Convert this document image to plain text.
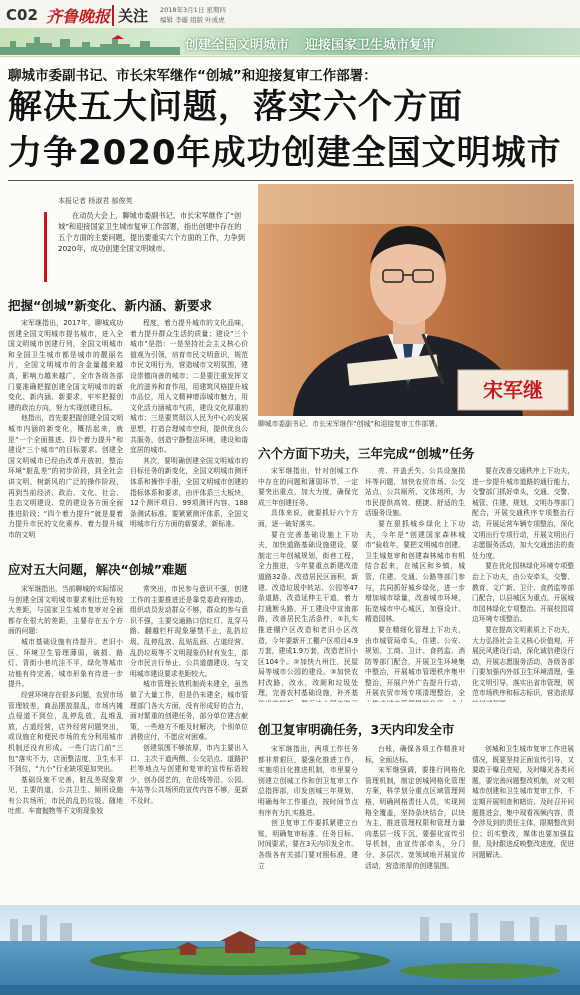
C02 齐鲁晚报 关注 2018年3月1日 星期四
编辑 李璇 组版 叶成虎
创建全国文明城市 迎接国家卫生城市复审
聊城市委副书记、市长宋军继作“创城”和迎接复审工作部署：
解决五大问题，落实六个方面
力争2020年成功创建全国文明城市
本报记者 杨淑君 郁俊英
在动员大会上，聊城市委副书记、市长宋军继作了“创城”和迎接国家卫生城市复审工作部署，指出创建中存在的五个方面的主要问题，提出要重实六个方面的工作，力争到2020年，成功创建全国文明城市。
宋军继
聊城市委副书记、市长宋军继作“创城”和迎接复审工作部署。
把握“创城”新变化、新内涵、新要求

宋军继指出，2017年，聊城成功创建全国文明城市提名城市，进入全国文明城市创建行列，全国文明城市和全国卫生城市都是城市的靓丽名片，全国文明城市的含金量越来越高，影响力越来越广，全市各级各部门要准确把握创建全国文明城市的新变化、新内涵、新要求，牢牢把握创建的政治方向，努力实现创建目标。

他指出，首先要把握创建全国文明城市内涵的新变化，概括起来，就是“一个全面推进、四个着力提升”和建设“三个城市”的目标要求。创建全国文明城市已经由改革开放初，整治环境“脏乱差”的初步阶段，到全社会讲文明、树新风的广泛的操作阶段，再到当前经济、政治、文化、社会、生态文明建设、党的建设各方面全面推进阶段；“四个着力提升”就是要着力提升市民的文化素养、着力提升城市的文明

程度，着力提升城市的文化品味，着力提升群众生活的质量；建设“三个城市”是指：一是坚持社会主义核心价值观为引领，培育市民文明意识，规范市民文明行为，营造城市文明氛围，建设崇德向善的城市；二是要注重发挥文化的滋养和育作用，用建筑风格提升城市品位，用人文精神增添城市魅力，用文化活力涵城市气质，建设文化厚重的城市；三是要贯彻以人民为中心的发展思想，打造合理城市空间，提供优良公共服务，创造宁静整洁环境，建设和谐宜居的城市。

其次，要明确创建全国文明城市的目标任务的新变化，全国文明城市测评体系和操作手册，全国文明城市创建的指标体系和要求，由评体系三大板块、12个测评项目、99项测评内容、188条测试标准。要紧紧测评体系，全国文明城市行方方面的新要求，新标准。

应对五大问题，解决“创城”难题

宋军继指出，当前聊城的实际情况与创建全国文明城市要求相比还有较大差距，与国家卫生城市复审对全面都存在很大的差距，主要存在五个方面的问题：

城市基础设施有待提升。老旧小区、环境卫生管理薄弱，破损、路灯、背街小巷坑洼不平，绿化等城市功能有待完善，城市形象有待进一步提升。

经营环境存在很多问题，农贸市场管理较差，商品摆放混乱，市场内摊点侵道不到位，乱停乱放，乱堆乱放，占道经营，店外经营问题突出，或设施在和便民市场的充分利用城市机制还没有形成。一些门店门前“三包”落实不力，店面整洁度、卫生水平不到位，“九小”行业缺项更加突出。

基础设施不完善，脏乱差现象常见，主要的道，公共卫生、厕所设施有公共场所，市民的乱扔垃圾、随地吐痰、车窗抛物等不文明现象较

常突出，市民参与意识不强，创建工作的主要推进还是靠党委政府推动，组织动员发动群众不够，群众的参与意识不强，主要交通路口信红灯、乱穿马路、翻越栏杆现象屡禁不止，乱扔垃圾、乱停乱放、乱贴乱画、占道经营、乱扔垃圾等不文明现象仍时有发生，部分市民言行举止、公共道德建设、与文明城市建设要求差距较大。

城市管理长效机制尚未建全，虽然做了大量工作，但是仍未建全，城市管理部门各大方面，没有形成好的合力，面对繁重的创建任务，部分单位建言献策，一些地方不能及时解决，个别单位消极应付，不愿应对困难。

创建氛围不够浓厚，市内主要出入口、主次干道两侧、公交站点、道路护栏等地点与创建和复审的宣传标语较少，创办园艺的，在沿线等沿、公园、车站等公共场所的宣传内容不够，更新不及时。

六个方面下功夫，三年完成“创城”任务

宋军继指出，针对创城工作中存在的问题和薄弱环节，一定要突出重点，加大力度，确保完成三年创建任务。

具体来说，就要抓好六个方面，逐一破好落实。

要在完善基础设施上下功夫，加快道路基础设施建设，要制定三年创城规划，街巷工程，全力推进，今年要重点新建改造道路32条、改造居民区面积，新建、改造垃圾中转站、公园等47条道路，改造延伸主干道，着力打通断头路，开工建设中宣南部路，改善居民生活条件，①扎实推进棚户区改造和老旧小区改造，今年要新开工棚户区项目4.9万套，建成1.9万套，改造老旧小区104个。②加快九州注，民屋局等城市公园的建设。③加快农村改路，改水，改厕和垃圾处理，完善农村基础设施，补齐基

亮、井盖丢失、公共设施损坏等问题，加快农贸市场、公交站点、公共厕所、文体场所，为市民提供高效、便捷、舒适的生活服务设施。

要在狠抓城乡绿化上下功夫，今年是“创建国家森林城市”验收年，要把文明城市创建、卫生城复审和创建森林城市有机结合起来，在城区和乡镇，城管、住建、交通、公路等部门参与，共同抓好城乡绿化，进一步增加城市绿量，改善城市环境，拓宽城市中心城区，加强设计、精造园林。

要在精细化管理上下功夫，由市城管局牵头，住建、公安、规划、工商、卫计、食药监、消防等部门配合，开展卫生环境集中整治，开展城市管理秩序集中整治，开展户外广告提升行动，开展农贸市场专项清理整治，全

要在改善交通秩序上下功夫，进一步提升城市道路的通行能力，交警部门抓好牵头，交通、交警、城管、住建、规划、文明办等部门配合，开展交通秩序专项整治行动，开展运营车辆专项整治，深化文明出行专项行动，开展文明出行志愿服务活动，加大交通违法的查处力度。

要在优化园林绿化环境专项整治上下功夫，由公安牵头，交警、教育、文广新、卫计、食药监等部门配合，以县城区为重点，开展城市园林绿化专项整治。开展校园周边环境专项整治。

要在提高文明素质上下功夫，大力弘扬社会主义核心价值观，开展民风建设行动，深化诚信建设行动，开展志愿服务活动，各级各部门要加强内外部卫生环境清理，强化文明引导，落实出省市管理，规范市场秩序和标志标识，营造浓厚

创卫复审明确任务，3天内印发全市

宋军继指出，两项工作任务都非常艰巨，要强化推进工作，实施项目化推进机制，市里要分别建立创城工作和创卫复审工作总指挥部，印发创城三年规划，明确每年工作重点，按时间节点有序有力扎实推进。

创卫复审工作要抓紧建立台账，明确复审标准、任务目标、时间要求，要在3天内印发全市。各级各有关部门要对照标准，建立

台账，确保各项工作精准对标，全面达标。

宋军继强调，要推行网格化管理机制，制定创城网格化管理方案，科学划分重点区域管理网格，明确网格责任人员，实现网格全覆盖，坚持条块结合，以块为主，推进管理权限和管理力量向基层一线下沉，要强化宣传引导机制，由宣传部牵头，分门分、多层次、宽领域地开展宣传活动，营造浓厚的创建氛围。

创城和卫生城市复审工作进展情况，既要坚持正面宣传引导，又要敢于曝丑亮短，及时曝光各类问题，要完善问题整改机制，对文明城市创建和卫生城市复审工作，不定期开展明查和暗访，及时召开问题推进会，集中现看视频内容，责令涉及到的责任主体，限期整改到位；切实整改，媒体也要加强监督，及时跟进反映整改进度，促进问题解决。
